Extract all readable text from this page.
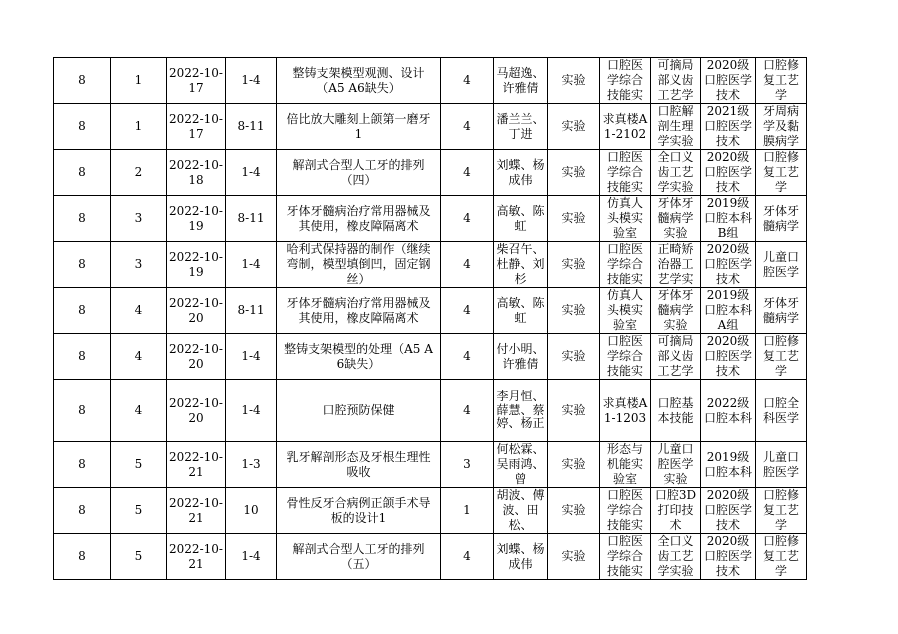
8	1	2022-10-17	1-4	整铸支架模型观测、设计（A5 A6缺失）	4	马超逸、许雅倩	实验	口腔医学综合技能实	可摘局部义齿工艺学	2020级口腔医学技术	口腔修复工艺学

8	1	2022-10-17	8-11	倍比放大雕刻上颌第一磨牙1	4	潘兰兰、丁进	实验	求真楼A1-2102	口腔解剖生理学实验	2021级口腔医学技术	牙周病学及黏膜病学

8	2	2022-10-18	1-4	解剖式合型人工牙的排列（四）	4	刘蝶、杨成伟	实验	口腔医学综合技能实	全口义齿工艺学实验	2020级口腔医学技术	口腔修复工艺学

8	3	2022-10-19	8-11	牙体牙髓病治疗常用器械及其使用，橡皮障隔离术	4	高敏、陈虹	实验	仿真人头模实验室	牙体牙髓病学实验	2019级口腔本科B组	牙体牙髓病学

8	3	2022-10-19	1-4	哈利式保持器的制作（继续弯制，模型填倒凹，固定钢丝）	4	柴召午、杜静、刘杉	实验	口腔医学综合技能实	正畸矫治器工艺学实	2020级口腔医学技术	儿童口腔医学

8	4	2022-10-20	8-11	牙体牙髓病治疗常用器械及其使用，橡皮障隔离术	4	高敏、陈虹	实验	仿真人头模实验室	牙体牙髓病学实验	2019级口腔本科A组	牙体牙髓病学

8	4	2022-10-20	1-4	整铸支架模型的处理（A5 A6缺失）	4	付小明、许雅倩	实验	口腔医学综合技能实	可摘局部义齿工艺学	2020级口腔医学技术	口腔修复工艺学

8	4	2022-10-20	1-4	口腔预防保健	4	李月恒、薛慧、蔡婷、杨正	实验	求真楼A1-1203	口腔基本技能	2022级口腔本科	口腔全科医学

8	5	2022-10-21	1-3	乳牙解剖形态及牙根生理性吸收	3	何松霖、吴雨鸿、曾	实验	形态与机能实验室	儿童口腔医学实验	2019级口腔本科	儿童口腔医学

8	5	2022-10-21	10	骨性反牙合病例正颌手术导板的设计1	1	胡波、傅波、田松、	实验	口腔医学综合技能实	口腔3D打印技术	2020级口腔医学技术	口腔修复工艺学

8	5	2022-10-21	1-4	解剖式合型人工牙的排列（五）	4	刘蝶、杨成伟	实验	口腔医学综合技能实	全口义齿工艺学实验	2020级口腔医学技术	口腔修复工艺学
